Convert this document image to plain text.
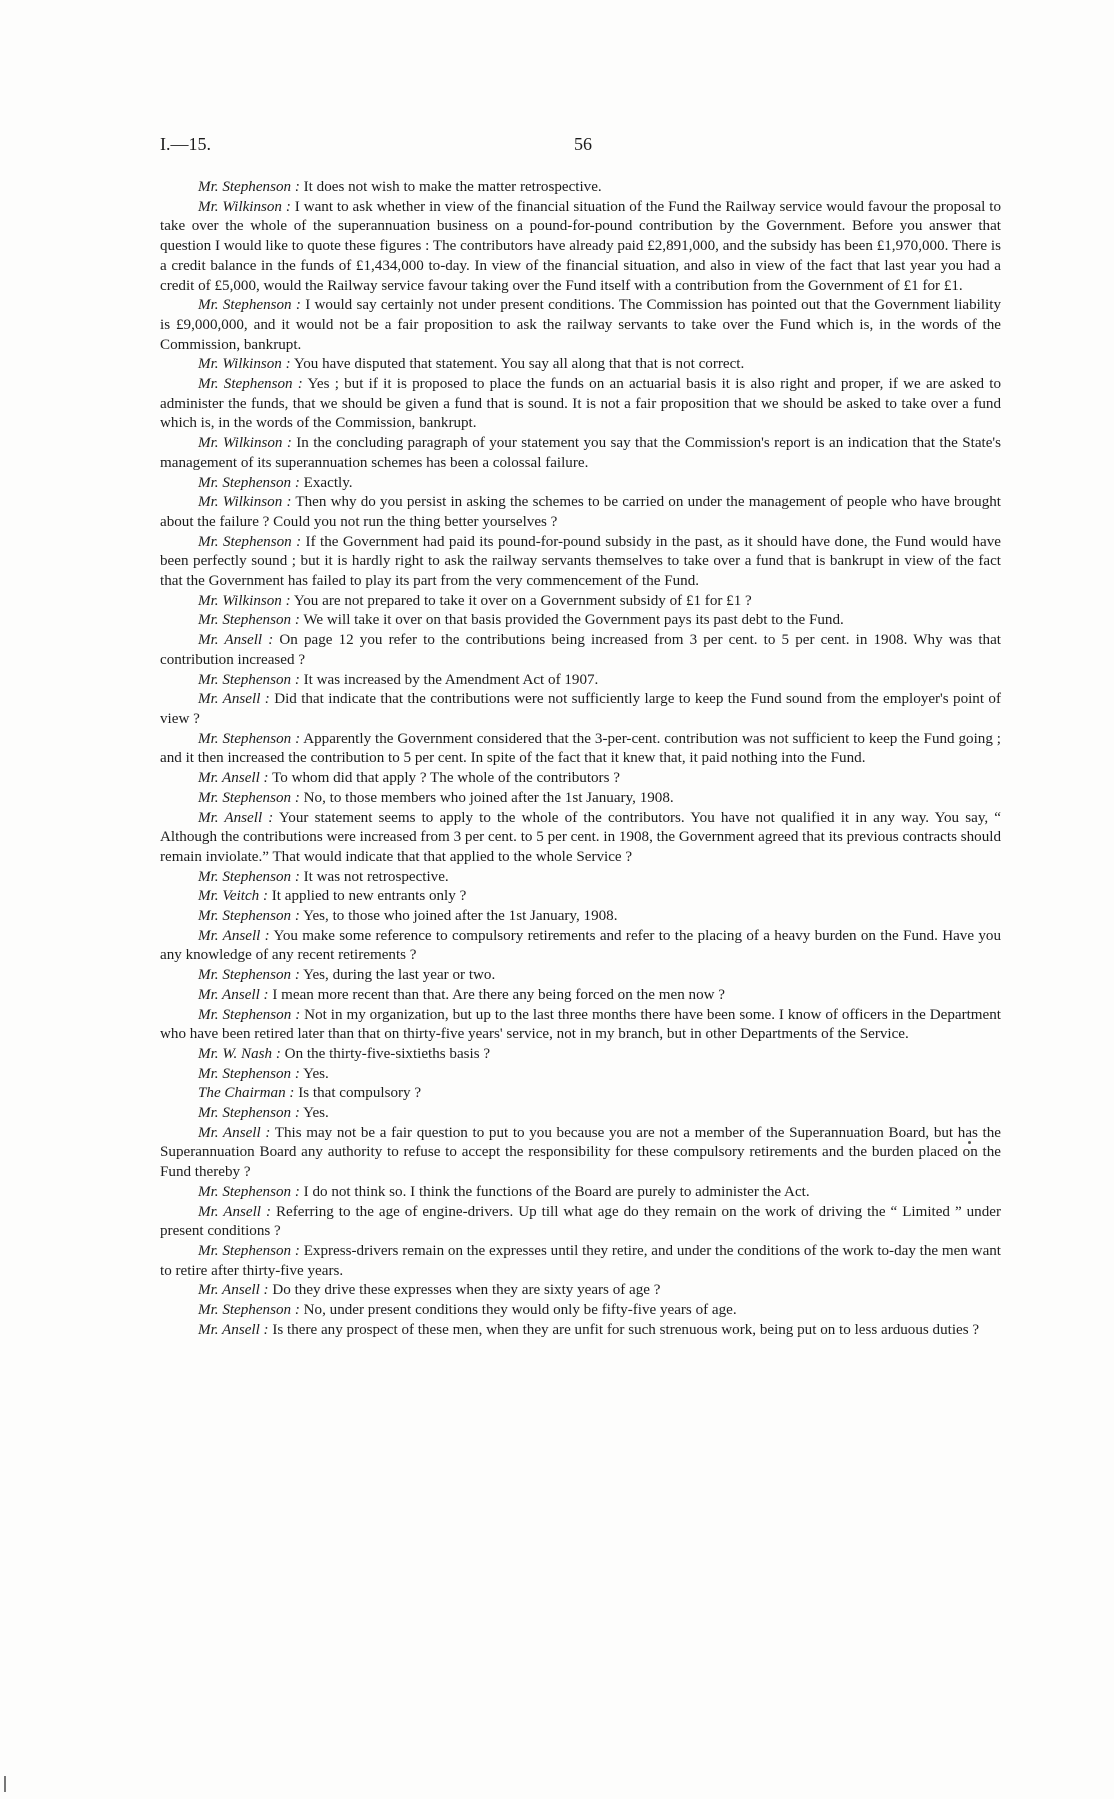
I.—15.	56

Mr. Stephenson : It does not wish to make the matter retrospective.

Mr. Wilkinson : I want to ask whether in view of the financial situation of the Fund the Railway service would favour the proposal to take over the whole of the superannuation business on a pound-for-pound contribution by the Government. Before you answer that question I would like to quote these figures : The contributors have already paid £2,891,000, and the subsidy has been £1,970,000. There is a credit balance in the funds of £1,434,000 to-day. In view of the financial situation, and also in view of the fact that last year you had a credit of £5,000, would the Railway service favour taking over the Fund itself with a contribution from the Government of £1 for £1.

Mr. Stephenson : I would say certainly not under present conditions. The Commission has pointed out that the Government liability is £9,000,000, and it would not be a fair proposition to ask the railway servants to take over the Fund which is, in the words of the Commission, bankrupt.

Mr. Wilkinson : You have disputed that statement. You say all along that that is not correct.

Mr. Stephenson : Yes ; but if it is proposed to place the funds on an actuarial basis it is also right and proper, if we are asked to administer the funds, that we should be given a fund that is sound. It is not a fair proposition that we should be asked to take over a fund which is, in the words of the Commission, bankrupt.

Mr. Wilkinson : In the concluding paragraph of your statement you say that the Commission's report is an indication that the State's management of its superannuation schemes has been a colossal failure.

Mr. Stephenson : Exactly.

Mr. Wilkinson : Then why do you persist in asking the schemes to be carried on under the management of people who have brought about the failure ? Could you not run the thing better yourselves ?

Mr. Stephenson : If the Government had paid its pound-for-pound subsidy in the past, as it should have done, the Fund would have been perfectly sound ; but it is hardly right to ask the railway servants themselves to take over a fund that is bankrupt in view of the fact that the Government has failed to play its part from the very commencement of the Fund.

Mr. Wilkinson : You are not prepared to take it over on a Government subsidy of £1 for £1 ?

Mr. Stephenson : We will take it over on that basis provided the Government pays its past debt to the Fund.

Mr. Ansell : On page 12 you refer to the contributions being increased from 3 per cent. to 5 per cent. in 1908. Why was that contribution increased ?

Mr. Stephenson : It was increased by the Amendment Act of 1907.

Mr. Ansell : Did that indicate that the contributions were not sufficiently large to keep the Fund sound from the employer's point of view ?

Mr. Stephenson : Apparently the Government considered that the 3-per-cent. contribution was not sufficient to keep the Fund going ; and it then increased the contribution to 5 per cent. In spite of the fact that it knew that, it paid nothing into the Fund.

Mr. Ansell : To whom did that apply ? The whole of the contributors ?

Mr. Stephenson : No, to those members who joined after the 1st January, 1908.

Mr. Ansell : Your statement seems to apply to the whole of the contributors. You have not qualified it in any way. You say, “ Although the contributions were increased from 3 per cent. to 5 per cent. in 1908, the Government agreed that its previous contracts should remain inviolate.” That would indicate that that applied to the whole Service ?

Mr. Stephenson : It was not retrospective.

Mr. Veitch : It applied to new entrants only ?

Mr. Stephenson : Yes, to those who joined after the 1st January, 1908.

Mr. Ansell : You make some reference to compulsory retirements and refer to the placing of a heavy burden on the Fund. Have you any knowledge of any recent retirements ?

Mr. Stephenson : Yes, during the last year or two.

Mr. Ansell : I mean more recent than that. Are there any being forced on the men now ?

Mr. Stephenson : Not in my organization, but up to the last three months there have been some. I know of officers in the Department who have been retired later than that on thirty-five years' service, not in my branch, but in other Departments of the Service.

Mr. W. Nash : On the thirty-five-sixtieths basis ?

Mr. Stephenson : Yes.

The Chairman : Is that compulsory ?

Mr. Stephenson : Yes.

Mr. Ansell : This may not be a fair question to put to you because you are not a member of the Superannuation Board, but has the Superannuation Board any authority to refuse to accept the responsibility for these compulsory retirements and the burden placed on the Fund thereby ?

Mr. Stephenson : I do not think so. I think the functions of the Board are purely to administer the Act.

Mr. Ansell : Referring to the age of engine-drivers. Up till what age do they remain on the work of driving the “ Limited ” under present conditions ?

Mr. Stephenson : Express-drivers remain on the expresses until they retire, and under the conditions of the work to-day the men want to retire after thirty-five years.

Mr. Ansell : Do they drive these expresses when they are sixty years of age ?

Mr. Stephenson : No, under present conditions they would only be fifty-five years of age.

Mr. Ansell : Is there any prospect of these men, when they are unfit for such strenuous work, being put on to less arduous duties ?
